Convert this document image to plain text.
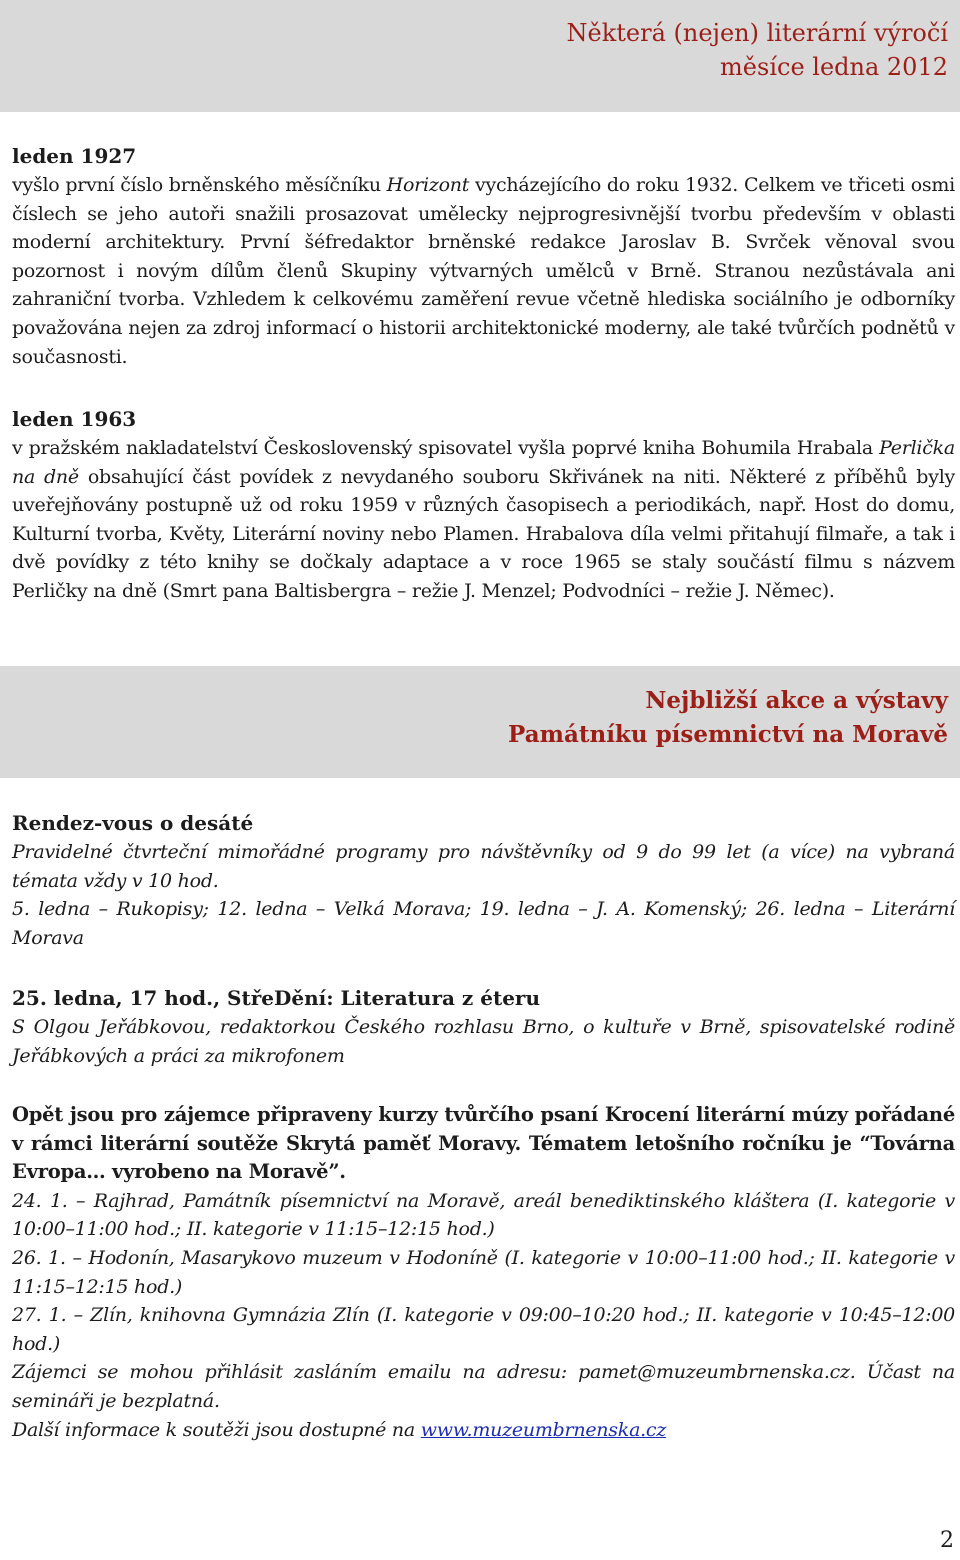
Některá (nejen) literární výročí
měsíce ledna 2012
leden 1927
vyšlo první číslo brněnského měsíčníku Horizont vycházejícího do roku 1932. Celkem ve třiceti osmi číslech se jeho autoři snažili prosazovat umělecky nejprogresivnější tvorbu především v oblasti moderní architektury. První šéfredaktor brněnské redakce Jaroslav B. Svrček věnoval svou pozornost i novým dílům členů Skupiny výtvarných umělců v Brně. Stranou nezůstávala ani zahraniční tvorba. Vzhledem k celkovému zaměření revue včetně hlediska sociálního je odborníky považována nejen za zdroj informací o historii architektonické moderny, ale také tvůrčích podnětů v současnosti.
leden 1963
v pražském nakladatelství Československý spisovatel vyšla poprvé kniha Bohumila Hrabala Perlička na dně obsahující část povídek z nevydaného souboru Skřivánek na niti. Některé z příběhů byly uveřejňovány postupně už od roku 1959 v různých časopisech a periodikách, např. Host do domu, Kulturní tvorba, Květy, Literární noviny nebo Plamen. Hrabalova díla velmi přitahují filmaře, a tak i dvě povídky z této knihy se dočkaly adaptace a v roce 1965 se staly součástí filmu s názvem Perličky na dně (Smrt pana Baltisbergra – režie J. Menzel; Podvodníci – režie J. Němec).
Nejbližší akce a výstavy
Památníku písemnictví na Moravě
Rendez-vous o desáté
Pravidelné čtvrteční mimořádné programy pro návštěvníky od 9 do 99 let (a více) na vybraná témata vždy v 10 hod.
5. ledna – Rukopisy; 12. ledna – Velká Morava; 19. ledna – J. A. Komenský; 26. ledna – Literární Morava
25. ledna, 17 hod., StřeDění: Literatura z éteru
S Olgou Jeřábkovou, redaktorkou Českého rozhlasu Brno, o kultuře v Brně, spisovatelské rodině Jeřábkových a práci za mikrofonem
Opět jsou pro zájemce připraveny kurzy tvůrčího psaní Krocení literární múzy pořádané v rámci literární soutěže Skrytá paměť Moravy. Tématem letošního ročníku je “Továrna Evropa… vyrobeno na Moravě”.
24. 1. – Rajhrad, Památník písemnictví na Moravě, areál benediktinského kláštera (I. kategorie v 10:00–11:00 hod.; II. kategorie v 11:15–12:15 hod.)
26. 1. – Hodonín, Masarykovo muzeum v Hodoníně (I. kategorie v 10:00–11:00 hod.; II. kategorie v 11:15–12:15 hod.)
27. 1. – Zlín, knihovna Gymnázia Zlín (I. kategorie v 09:00–10:20 hod.; II. kategorie v 10:45–12:00 hod.)
Zájemci se mohou přihlásit zasláním emailu na adresu: pamet@muzeumbrnenska.cz. Účast na semináři je bezplatná.
Další informace k soutěži jsou dostupné na www.muzeumbrnenska.cz
2
